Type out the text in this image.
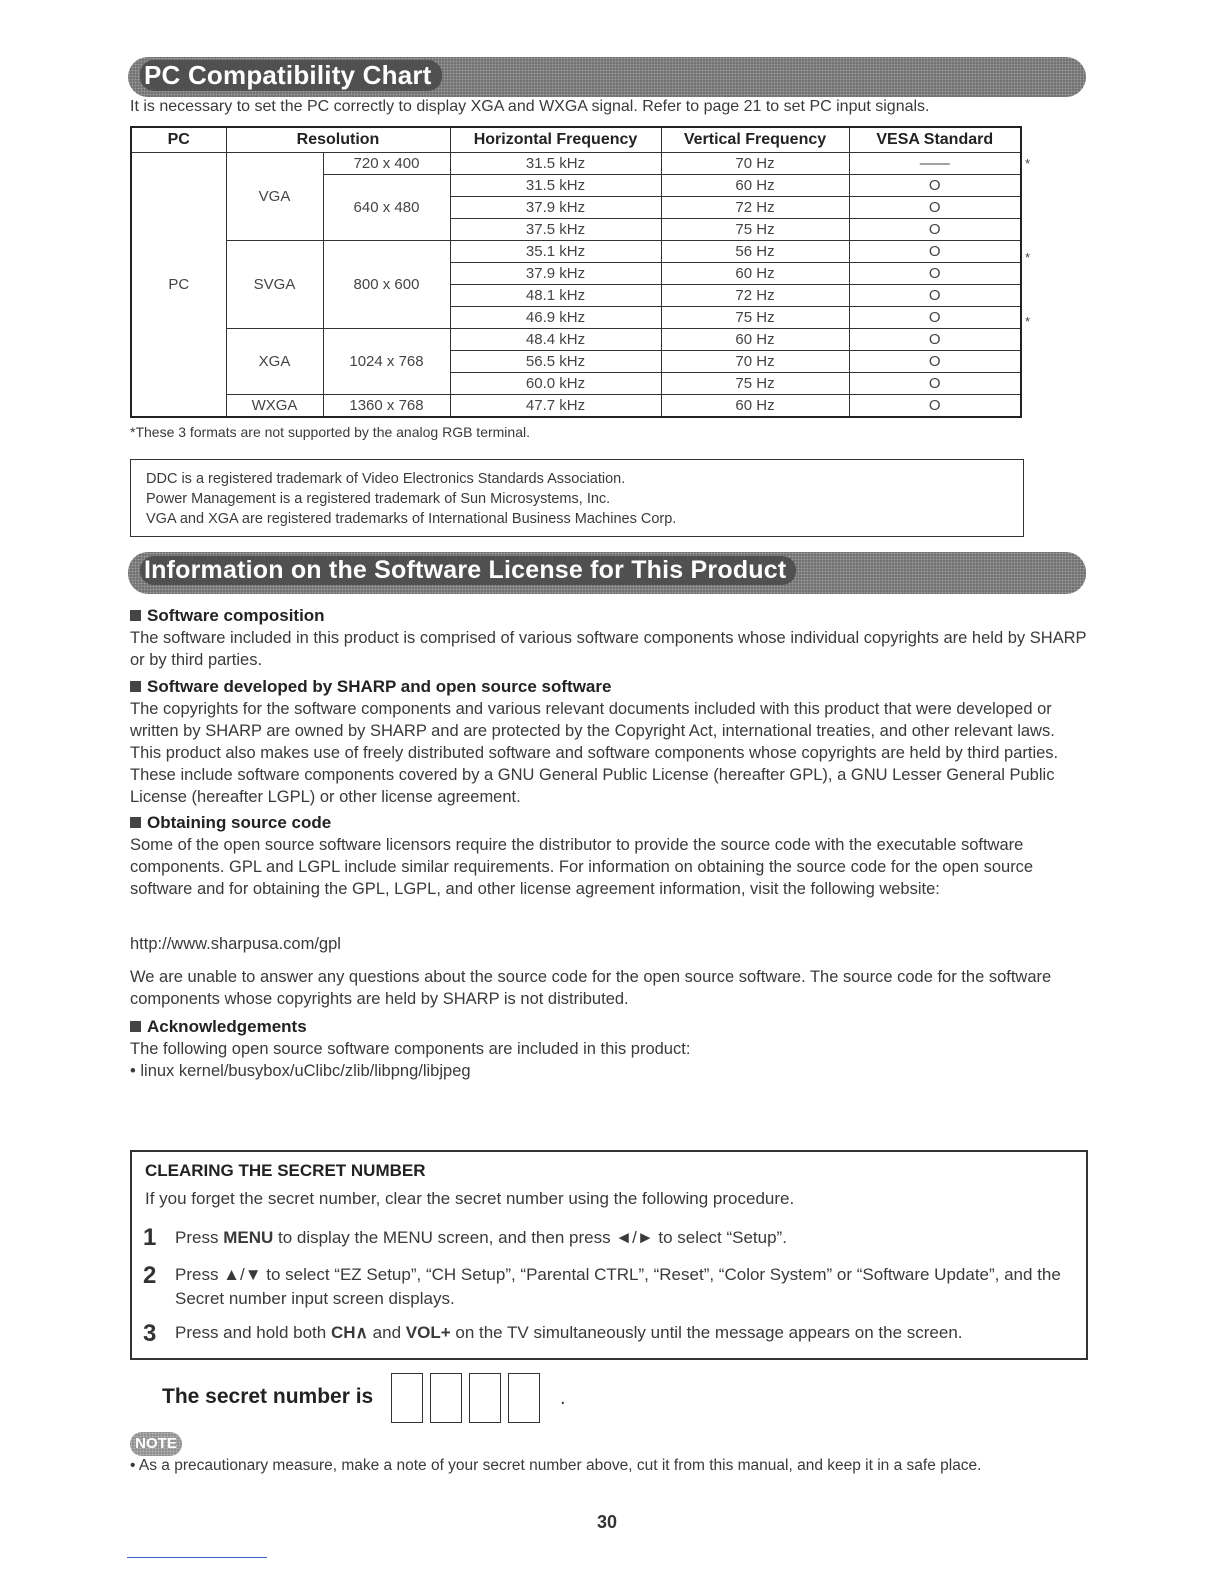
PC Compatibility Chart
It is necessary to set the PC correctly to display XGA and WXGA signal. Refer to page 21 to set PC input signals.
PC	Resolution		Horizontal Frequency	Vertical Frequency	VESA Standard
PC	VGA	720 x 400	31.5 kHz	70 Hz	——
		640 x 480	31.5 kHz	60 Hz	O
			37.9 kHz	72 Hz	O
			37.5 kHz	75 Hz	O
	SVGA	800 x 600	35.1 kHz	56 Hz	O
			37.9 kHz	60 Hz	O
			48.1 kHz	72 Hz	O
			46.9 kHz	75 Hz	O
	XGA	1024 x 768	48.4 kHz	60 Hz	O
			56.5 kHz	70 Hz	O
			60.0 kHz	75 Hz	O
	WXGA	1360 x 768	47.7 kHz	60 Hz	O
*
*
*
*These 3 formats are not supported by the analog RGB terminal.
DDC is a registered trademark of Video Electronics Standards Association.
Power Management is a registered trademark of Sun Microsystems, Inc.
VGA and XGA are registered trademarks of International Business Machines Corp.
Information on the Software License for This Product
Software composition
The software included in this product is comprised of various software components whose individual copyrights are held by SHARP or by third parties.
Software developed by SHARP and open source software
The copyrights for the software components and various relevant documents included with this product that were developed or written by SHARP are owned by SHARP and are protected by the Copyright Act, international treaties, and other relevant laws. This product also makes use of freely distributed software and software components whose copyrights are held by third parties. These include software components covered by a GNU General Public License (hereafter GPL), a GNU Lesser General Public License (hereafter LGPL) or other license agreement.
Obtaining source code
Some of the open source software licensors require the distributor to provide the source code with the executable software components. GPL and LGPL include similar requirements. For information on obtaining the source code for the open source software and for obtaining the GPL, LGPL, and other license agreement information, visit the following website:
http://www.sharpusa.com/gpl
We are unable to answer any questions about the source code for the open source software. The source code for the software components whose copyrights are held by SHARP is not distributed.
Acknowledgements
The following open source software components are included in this product:
• linux kernel/busybox/uClibc/zlib/libpng/libjpeg
CLEARING THE SECRET NUMBER
If you forget the secret number, clear the secret number using the following procedure.
1 Press MENU to display the MENU screen, and then press ◄/► to select “Setup”.
2 Press ▲/▼ to select “EZ Setup”, “CH Setup”, “Parental CTRL”, “Reset”, “Color System” or “Software Update”, and the Secret number input screen displays.
3 Press and hold both CH∧ and VOL+ on the TV simultaneously until the message appears on the screen.
The secret number is	.
NOTE
• As a precautionary measure, make a note of your secret number above, cut it from this manual, and keep it in a safe place.
30
